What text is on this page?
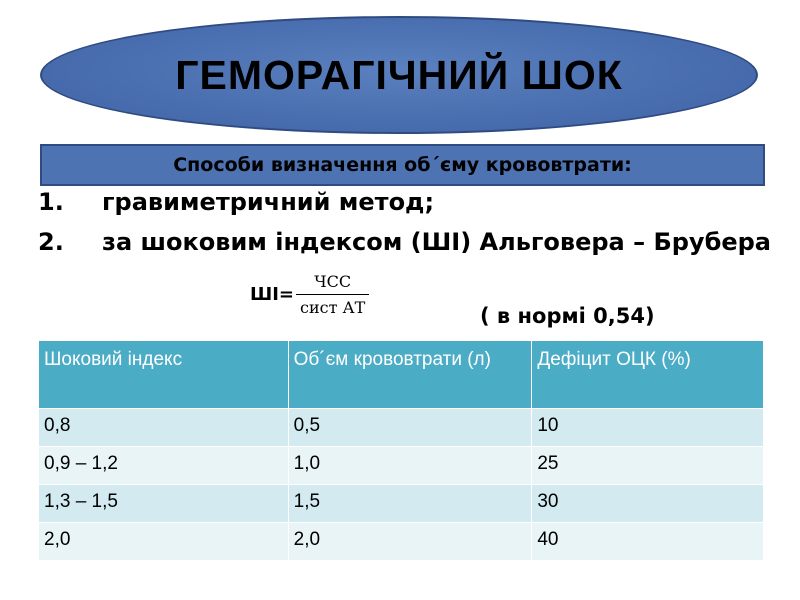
ГЕМОРАГІЧНИЙ ШОК
Способи визначення об´єму крововтрати:
1. гравиметричний метод;
2. за шоковим індексом (ШІ) Альговера – Брубера
$ШІ= \frac{\text{ЧСС}}{\text{сист АТ}}$	( в нормі 0,54)
Шоковий індекс	Об´єм крововтрати (л)	Дефіцит ОЦК (%)
0,8	0,5	10
0,9 – 1,2	1,0	25
1,3 – 1,5	1,5	30
2,0	2,0	40
